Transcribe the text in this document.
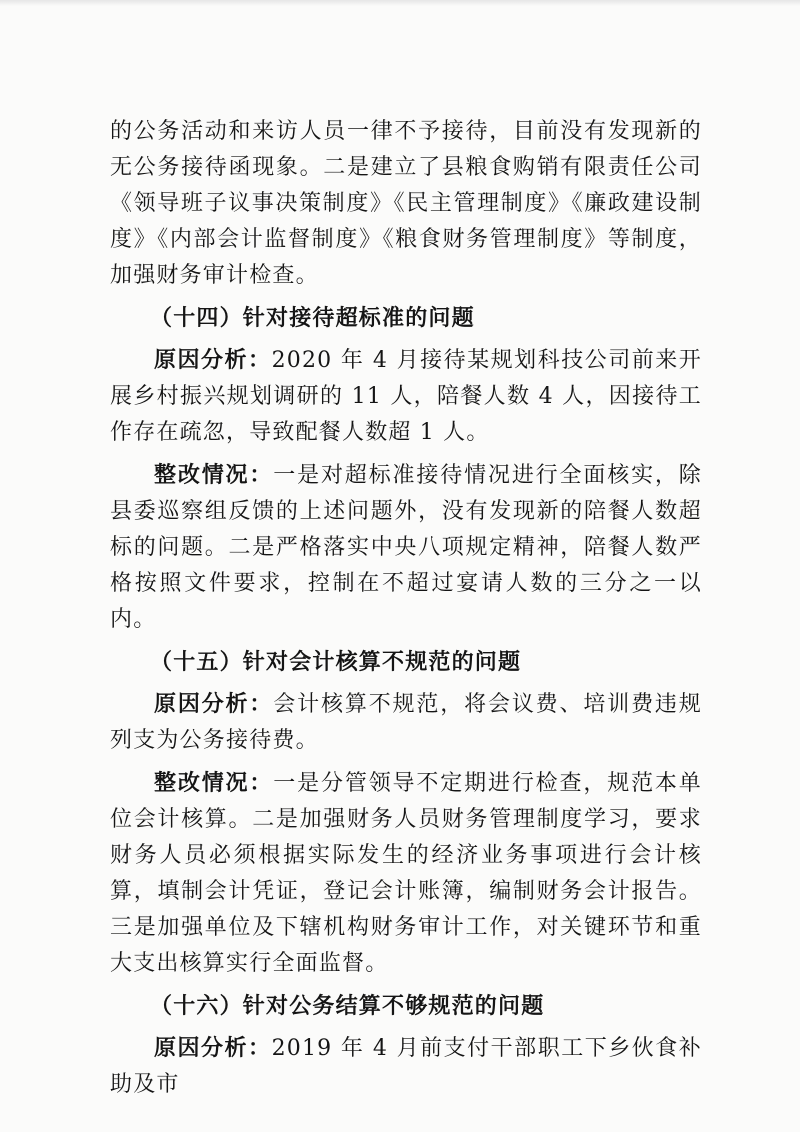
的公务活动和来访人员一律不予接待，目前没有发现新的无公务接待函现象。二是建立了县粮食购销有限责任公司《领导班子议事决策制度》《民主管理制度》《廉政建设制度》《内部会计监督制度》《粮食财务管理制度》等制度，加强财务审计检查。

（十四）针对接待超标准的问题

原因分析：2020 年 4 月接待某规划科技公司前来开展乡村振兴规划调研的 11 人，陪餐人数 4 人，因接待工作存在疏忽，导致配餐人数超 1 人。

整改情况：一是对超标准接待情况进行全面核实，除县委巡察组反馈的上述问题外，没有发现新的陪餐人数超标的问题。二是严格落实中央八项规定精神，陪餐人数严格按照文件要求，控制在不超过宴请人数的三分之一以内。

（十五）针对会计核算不规范的问题

原因分析：会计核算不规范，将会议费、培训费违规列支为公务接待费。

整改情况：一是分管领导不定期进行检查，规范本单位会计核算。二是加强财务人员财务管理制度学习，要求财务人员必须根据实际发生的经济业务事项进行会计核算，填制会计凭证，登记会计账簿，编制财务会计报告。三是加强单位及下辖机构财务审计工作，对关键环节和重大支出核算实行全面监督。

（十六）针对公务结算不够规范的问题

原因分析：2019 年 4 月前支付干部职工下乡伙食补助及市
